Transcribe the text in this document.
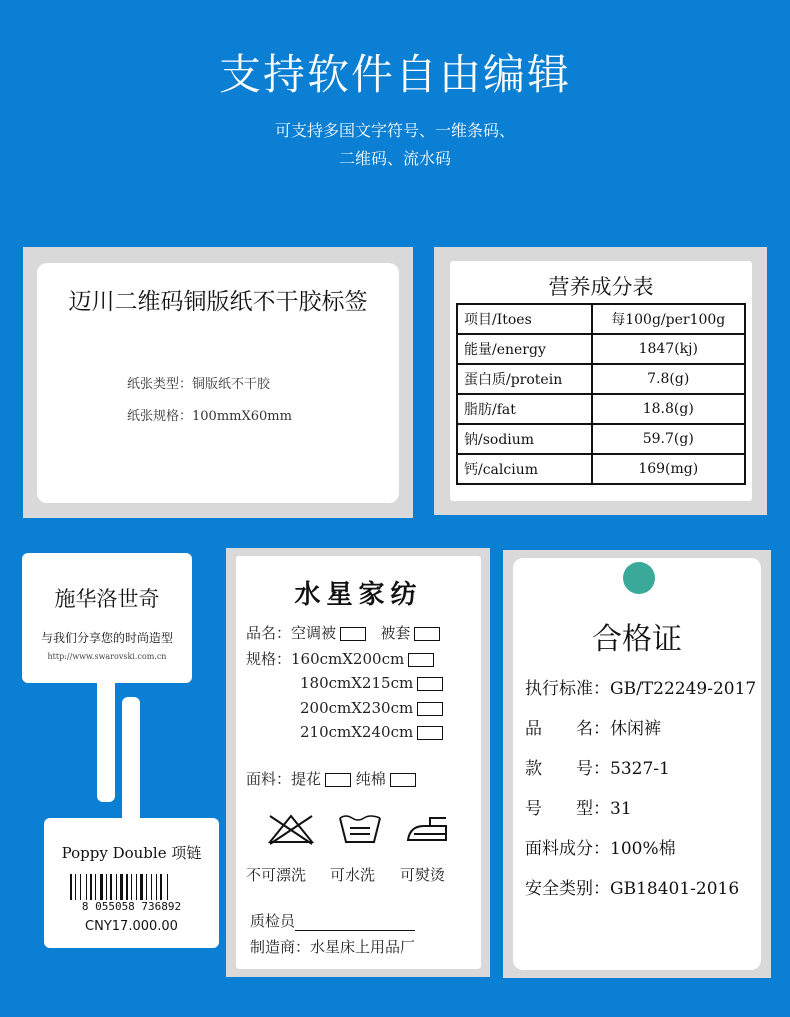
支持软件自由编辑
可支持多国文字符号、一维条码、
二维码、流水码
迈川二维码铜版纸不干胶标签
纸张类型：铜版纸不干胶
纸张规格：100mmX60mm
营养成分表
项目/Itoes	每100g/per100g
能量/energy	1847(kj)
蛋白质/protein	7.8(g)
脂肪/fat	18.8(g)
钠/sodium	59.7(g)
钙/calcium	169(mg)
施华洛世奇
与我们分享您的时尚造型
http://www.swarovski.com.cn
Poppy Double 项链
8 055058 736892
CNY17.000.00
水星家纺
品名：空调被	被套
规格：160cmX200cm
180cmX215cm
200cmX230cm
210cmX240cm
面料：提花 纯棉
不可漂洗 可水洗 可熨烫
质检员
制造商：水星床上用品厂
合格证
执行标准：GB/T22249-2017
品　　名：休闲裤
款　　号：5327-1
号　　型：31
面料成分：100%棉
安全类别：GB18401-2016
